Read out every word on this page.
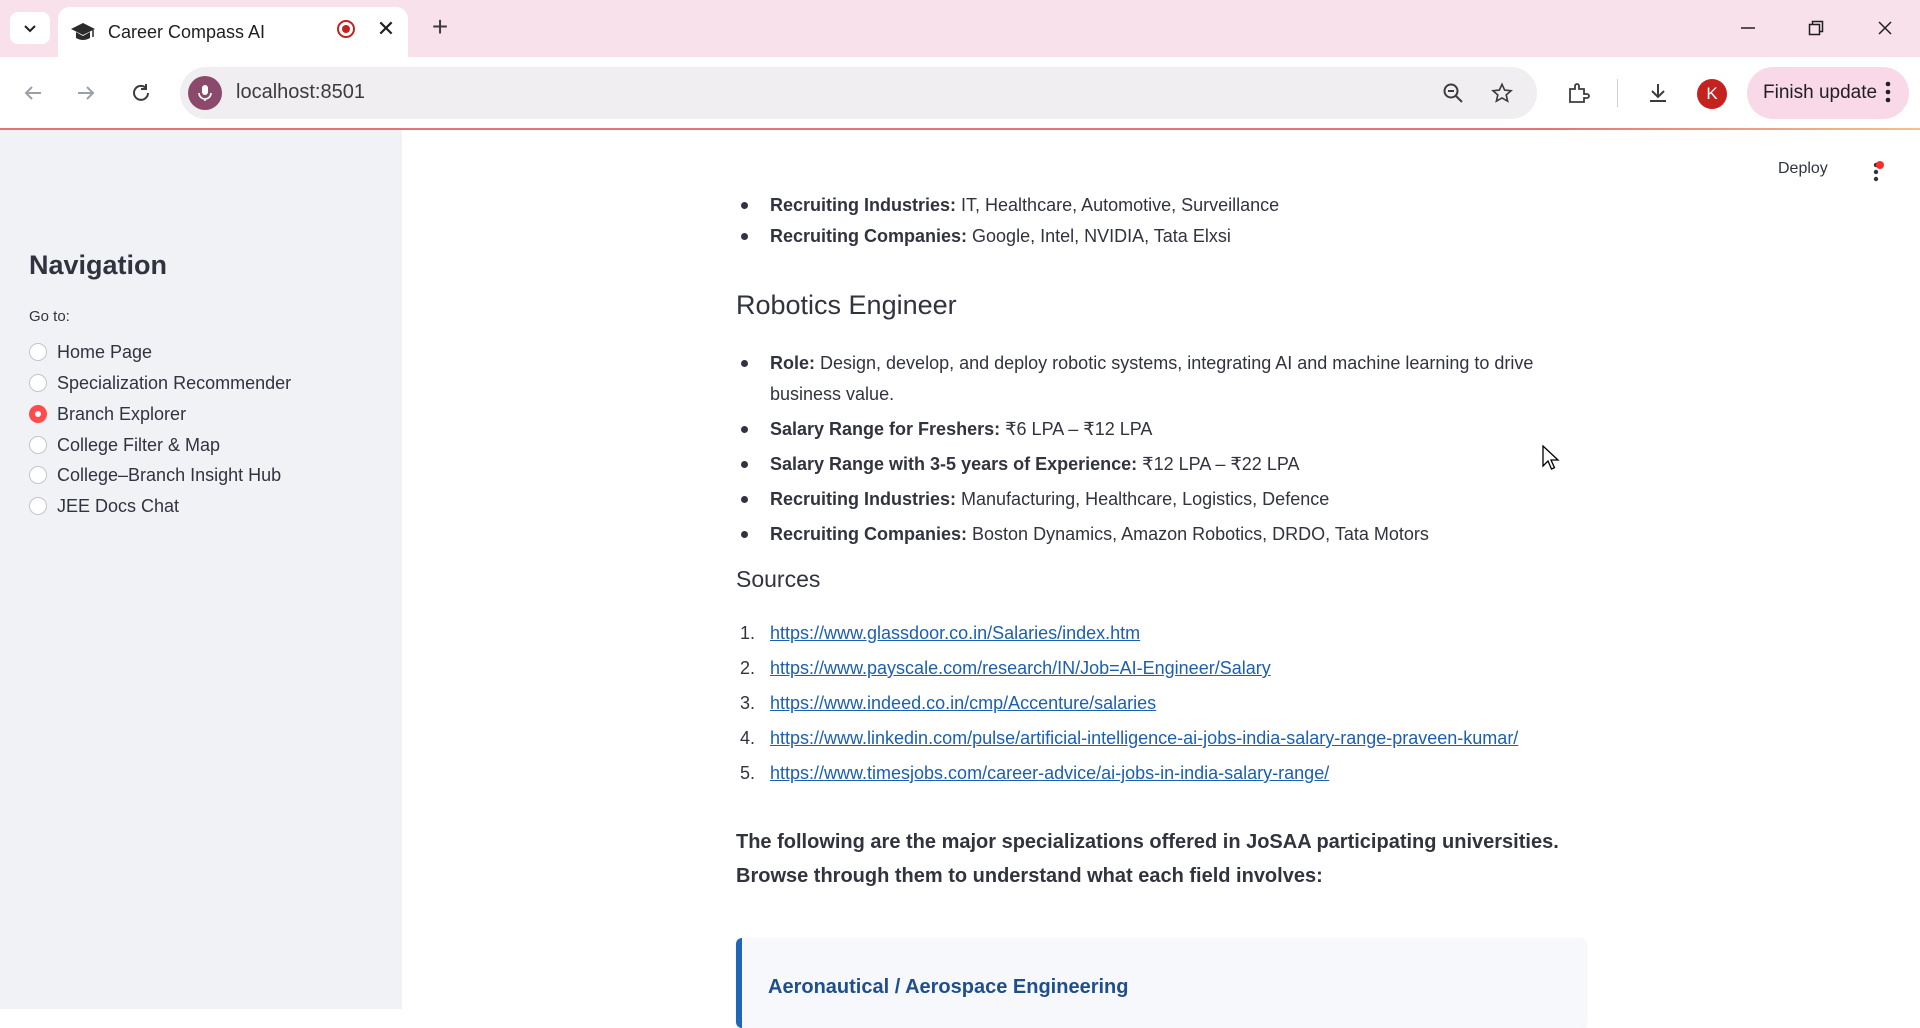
Career Compass AI	✕ +
localhost:8501	K	Finish update
Navigation
Go to:
Home Page
Specialization Recommender
Branch Explorer
College Filter & Map
College–Branch Insight Hub
JEE Docs Chat
Deploy
Recruiting Industries: IT, Healthcare, Automotive, Surveillance
Recruiting Companies: Google, Intel, NVIDIA, Tata Elxsi
Robotics Engineer
Role: Design, develop, and deploy robotic systems, integrating AI and machine learning to drive business value.
Salary Range for Freshers: ₹6 LPA – ₹12 LPA
Salary Range with 3-5 years of Experience: ₹12 LPA – ₹22 LPA
Recruiting Industries: Manufacturing, Healthcare, Logistics, Defence
Recruiting Companies: Boston Dynamics, Amazon Robotics, DRDO, Tata Motors
Sources
1. https://www.glassdoor.co.in/Salaries/index.htm
2. https://www.payscale.com/research/IN/Job=AI-Engineer/Salary
3. https://www.indeed.co.in/cmp/Accenture/salaries
4. https://www.linkedin.com/pulse/artificial-intelligence-ai-jobs-india-salary-range-praveen-kumar/
5. https://www.timesjobs.com/career-advice/ai-jobs-in-india-salary-range/
The following are the major specializations offered in JoSAA participating universities. Browse through them to understand what each field involves:
Aeronautical / Aerospace Engineering
